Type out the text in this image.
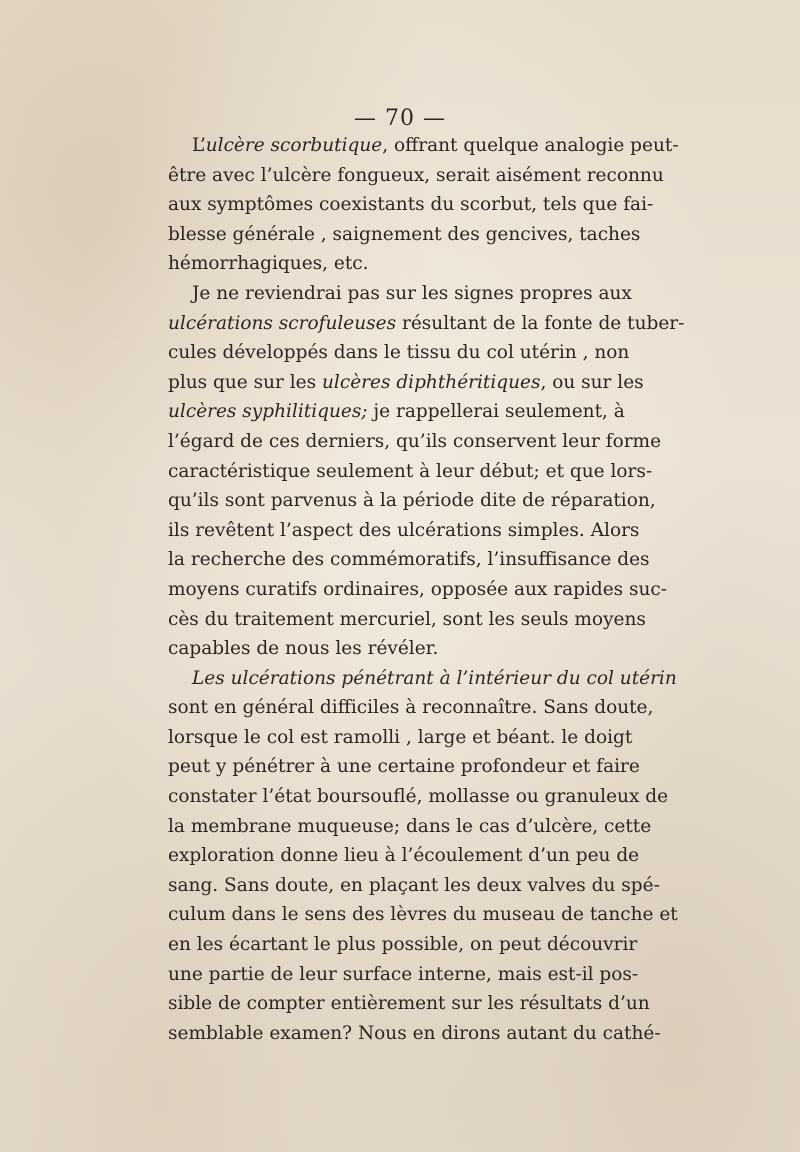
— 70 —
L’ulcère scorbutique, offrant quelque analogie peut-
être avec l’ulcère fongueux, serait aisément reconnu
aux symptômes coexistants du scorbut, tels que fai-
blesse générale , saignement des gencives, taches
hémorrhagiques, etc.
Je ne reviendrai pas sur les signes propres aux
ulcérations scrofuleuses résultant de la fonte de tuber-
cules développés dans le tissu du col utérin , non
plus que sur les ulcères diphthéritiques, ou sur les
ulcères syphilitiques; je rappellerai seulement, à
l’égard de ces derniers, qu’ils conservent leur forme
caractéristique seulement à leur début; et que lors-
qu’ils sont parvenus à la période dite de réparation,
ils revêtent l’aspect des ulcérations simples. Alors
la recherche des commémoratifs, l’insuffisance des
moyens curatifs ordinaires, opposée aux rapides suc-
cès du traitement mercuriel, sont les seuls moyens
capables de nous les révéler.
Les ulcérations pénétrant à l’intérieur du col utérin
sont en général difficiles à reconnaître. Sans doute,
lorsque le col est ramolli , large et béant. le doigt
peut y pénétrer à une certaine profondeur et faire
constater l’état boursouflé, mollasse ou granuleux de
la membrane muqueuse; dans le cas d’ulcère, cette
exploration donne lieu à l’écoulement d’un peu de
sang. Sans doute, en plaçant les deux valves du spé-
culum dans le sens des lèvres du museau de tanche et
en les écartant le plus possible, on peut découvrir
une partie de leur surface interne, mais est-il pos-
sible de compter entièrement sur les résultats d’un
semblable examen? Nous en dirons autant du cathé-
